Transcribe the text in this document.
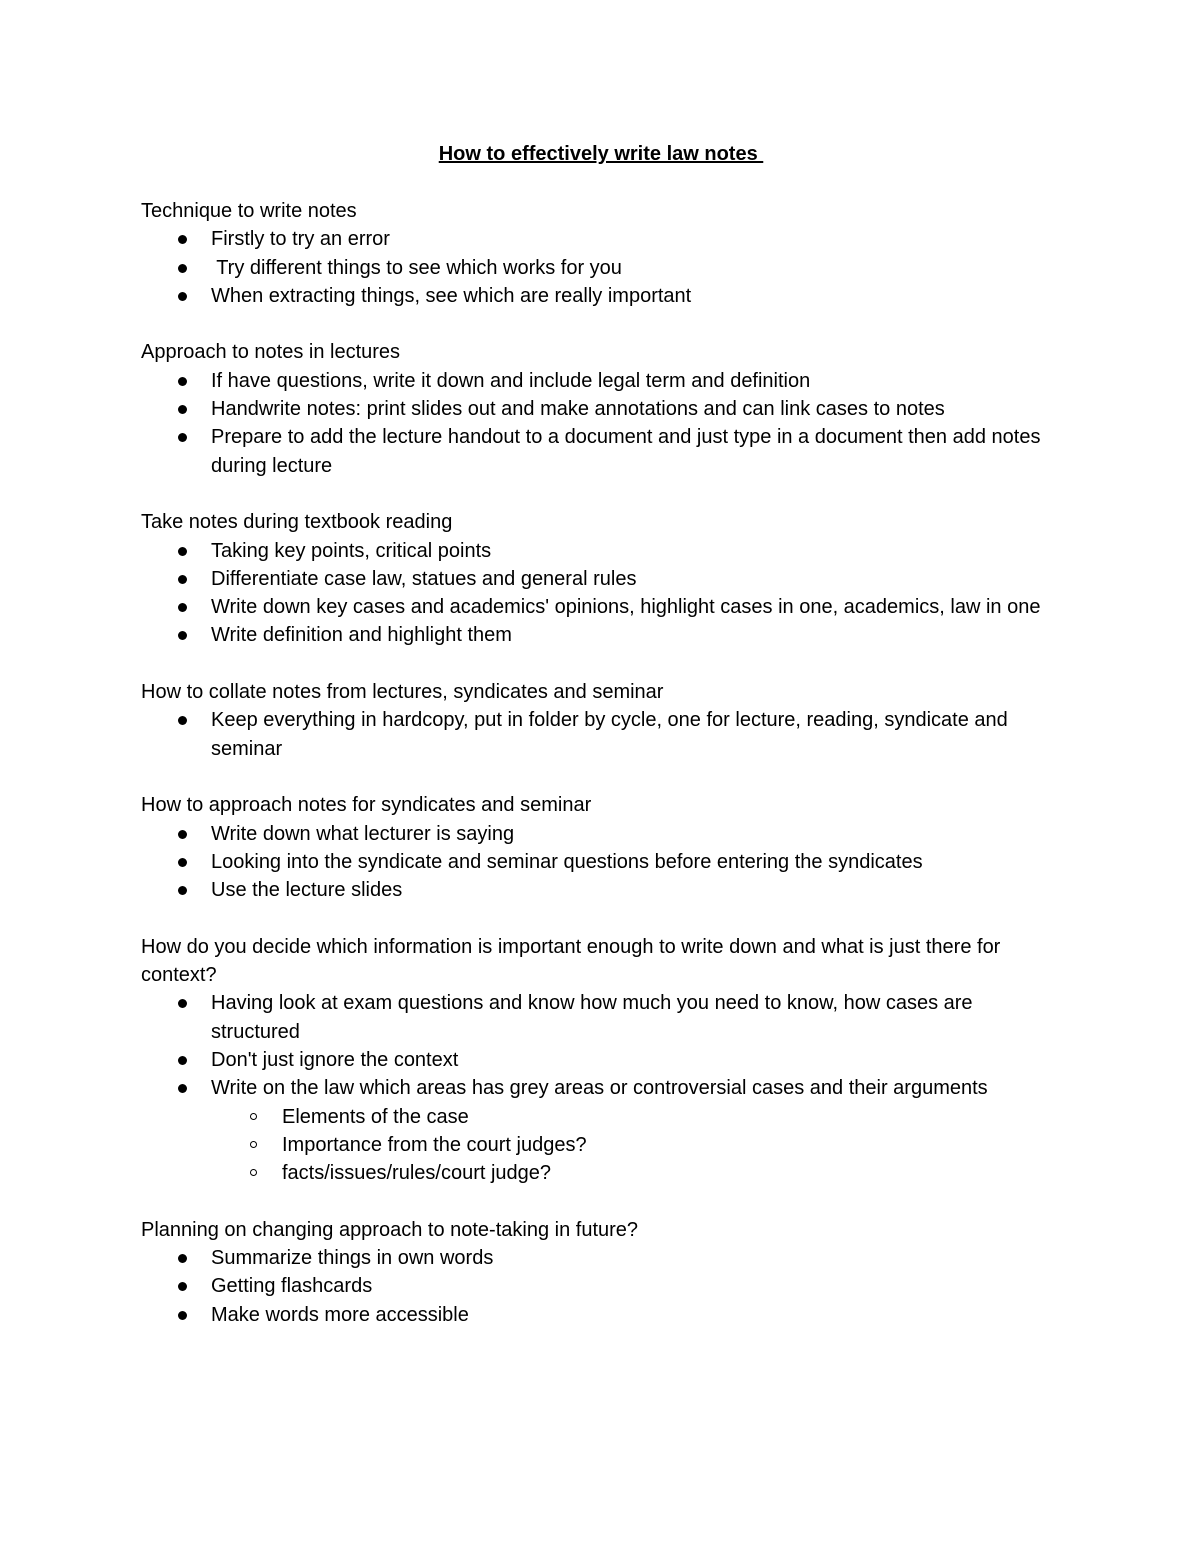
How to effectively write law notes
Technique to write notes
Firstly to try an error
Try different things to see which works for you
When extracting things, see which are really important
Approach to notes in lectures
If have questions, write it down and include legal term and definition
Handwrite notes: print slides out and make annotations and can link cases to notes
Prepare to add the lecture handout to a document and just type in a document then add notes during lecture
Take notes during textbook reading
Taking key points, critical points
Differentiate case law, statues and general rules
Write down key cases and academics' opinions, highlight cases in one, academics, law in one
Write definition and highlight them
How to collate notes from lectures, syndicates and seminar
Keep everything in hardcopy, put in folder by cycle, one for lecture, reading, syndicate and seminar
How to approach notes for syndicates and seminar
Write down what lecturer is saying
Looking into the syndicate and seminar questions before entering the syndicates
Use the lecture slides
How do you decide which information is important enough to write down and what is just there for context?
Having look at exam questions and know how much you need to know, how cases are structured
Don't just ignore the context
Write on the law which areas has grey areas or controversial cases and their arguments
Elements of the case
Importance from the court judges?
facts/issues/rules/court judge?
Planning on changing approach to note-taking in future?
Summarize things in own words
Getting flashcards
Make words more accessible
